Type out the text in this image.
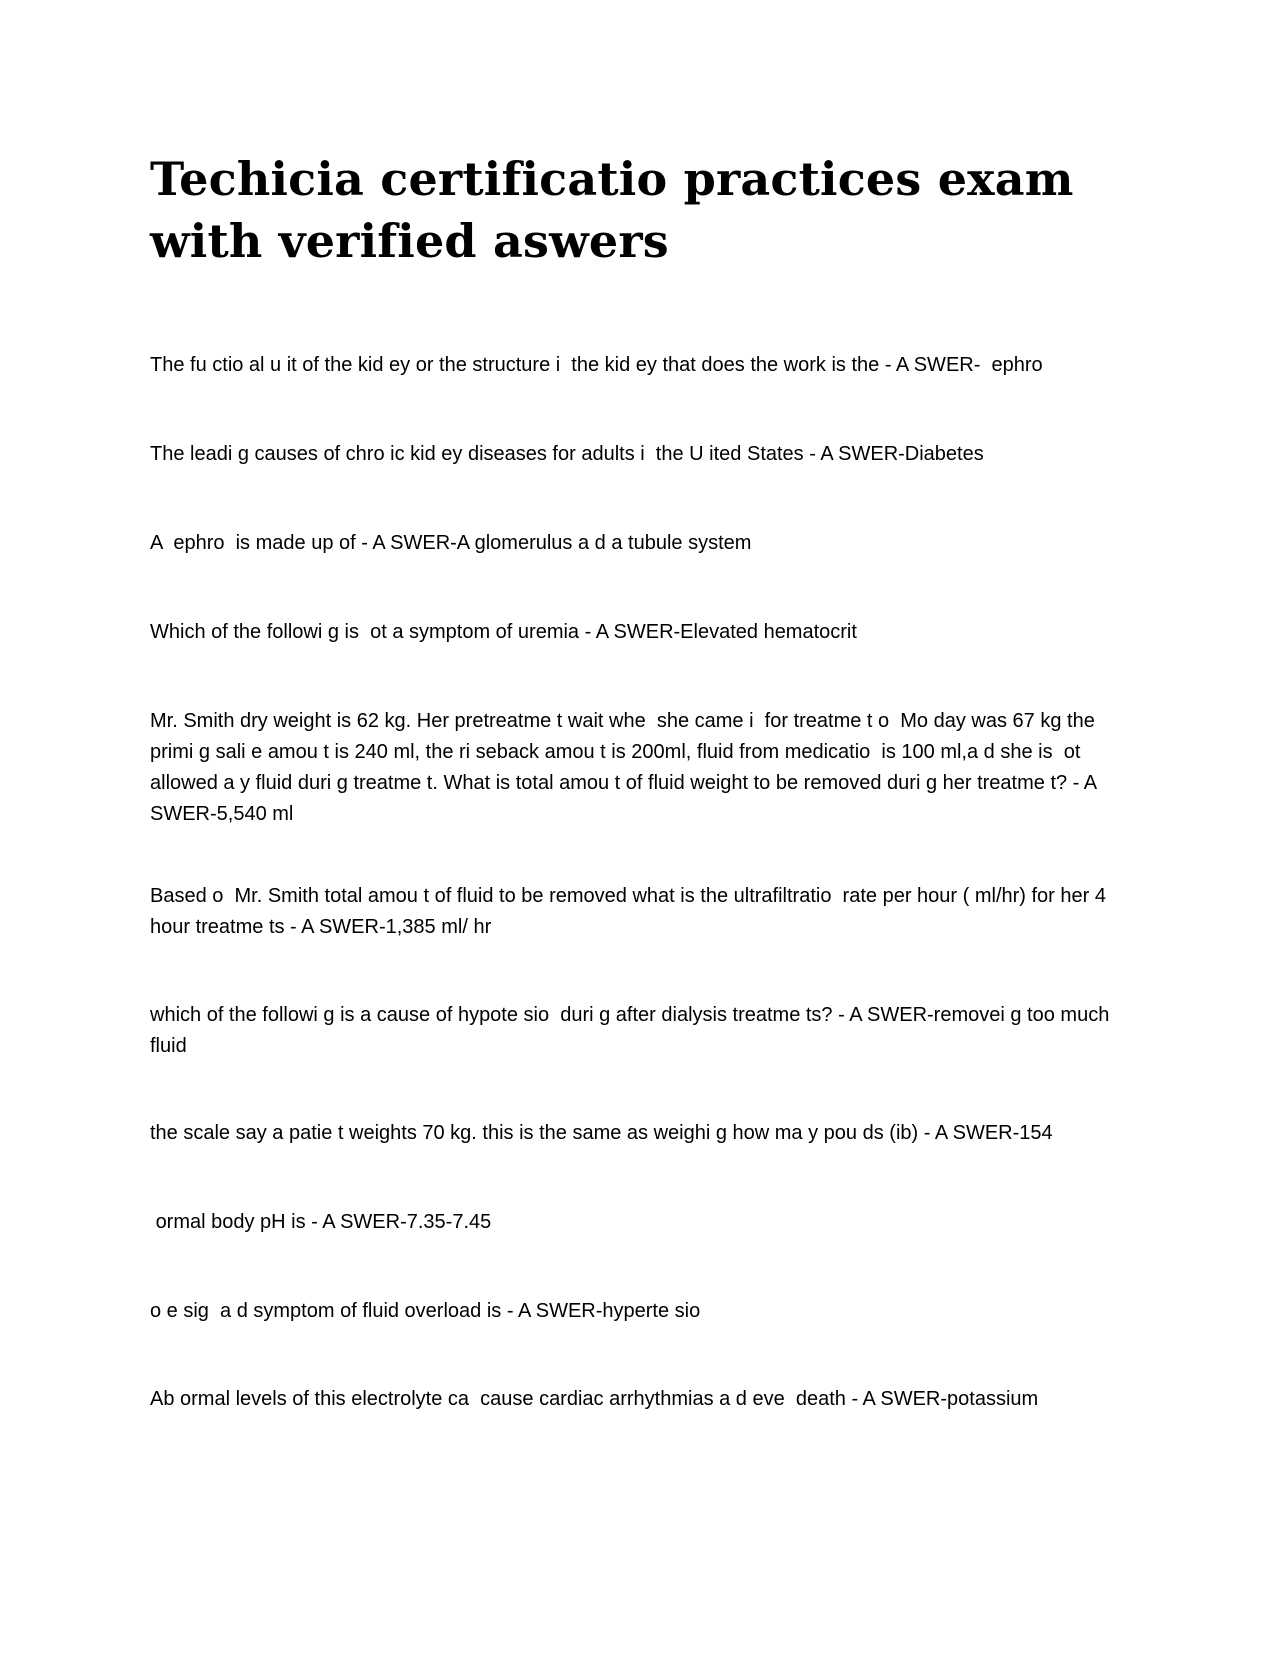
Techicia certificatio practices exam with verified aswers

The fu ctio al u it of the kid ey or the structure i  the kid ey that does the work is the - A SWER-  ephro

The leadi g causes of chro ic kid ey diseases for adults i  the U ited States - A SWER-Diabetes

A  ephro  is made up of - A SWER-A glomerulus a d a tubule system

Which of the followi g is  ot a symptom of uremia - A SWER-Elevated hematocrit

Mr. Smith dry weight is 62 kg. Her pretreatme t wait whe  she came i  for treatme t o  Mo day was 67 kg the primi g sali e amou t is 240 ml, the ri seback amou t is 200ml, fluid from medicatio  is 100 ml,a d she is  ot allowed a y fluid duri g treatme t. What is total amou t of fluid weight to be removed duri g her treatme t? - A SWER-5,540 ml

Based o  Mr. Smith total amou t of fluid to be removed what is the ultrafiltratio  rate per hour ( ml/hr) for her 4 hour treatme ts - A SWER-1,385 ml/ hr

which of the followi g is a cause of hypote sio  duri g after dialysis treatme ts? - A SWER-removei g too much fluid

the scale say a patie t weights 70 kg. this is the same as weighi g how ma y pou ds (ib) - A SWER-154

ormal body pH is - A SWER-7.35-7.45

o e sig  a d symptom of fluid overload is - A SWER-hyperte sio

Ab ormal levels of this electrolyte ca  cause cardiac arrhythmias a d eve  death - A SWER-potassium
